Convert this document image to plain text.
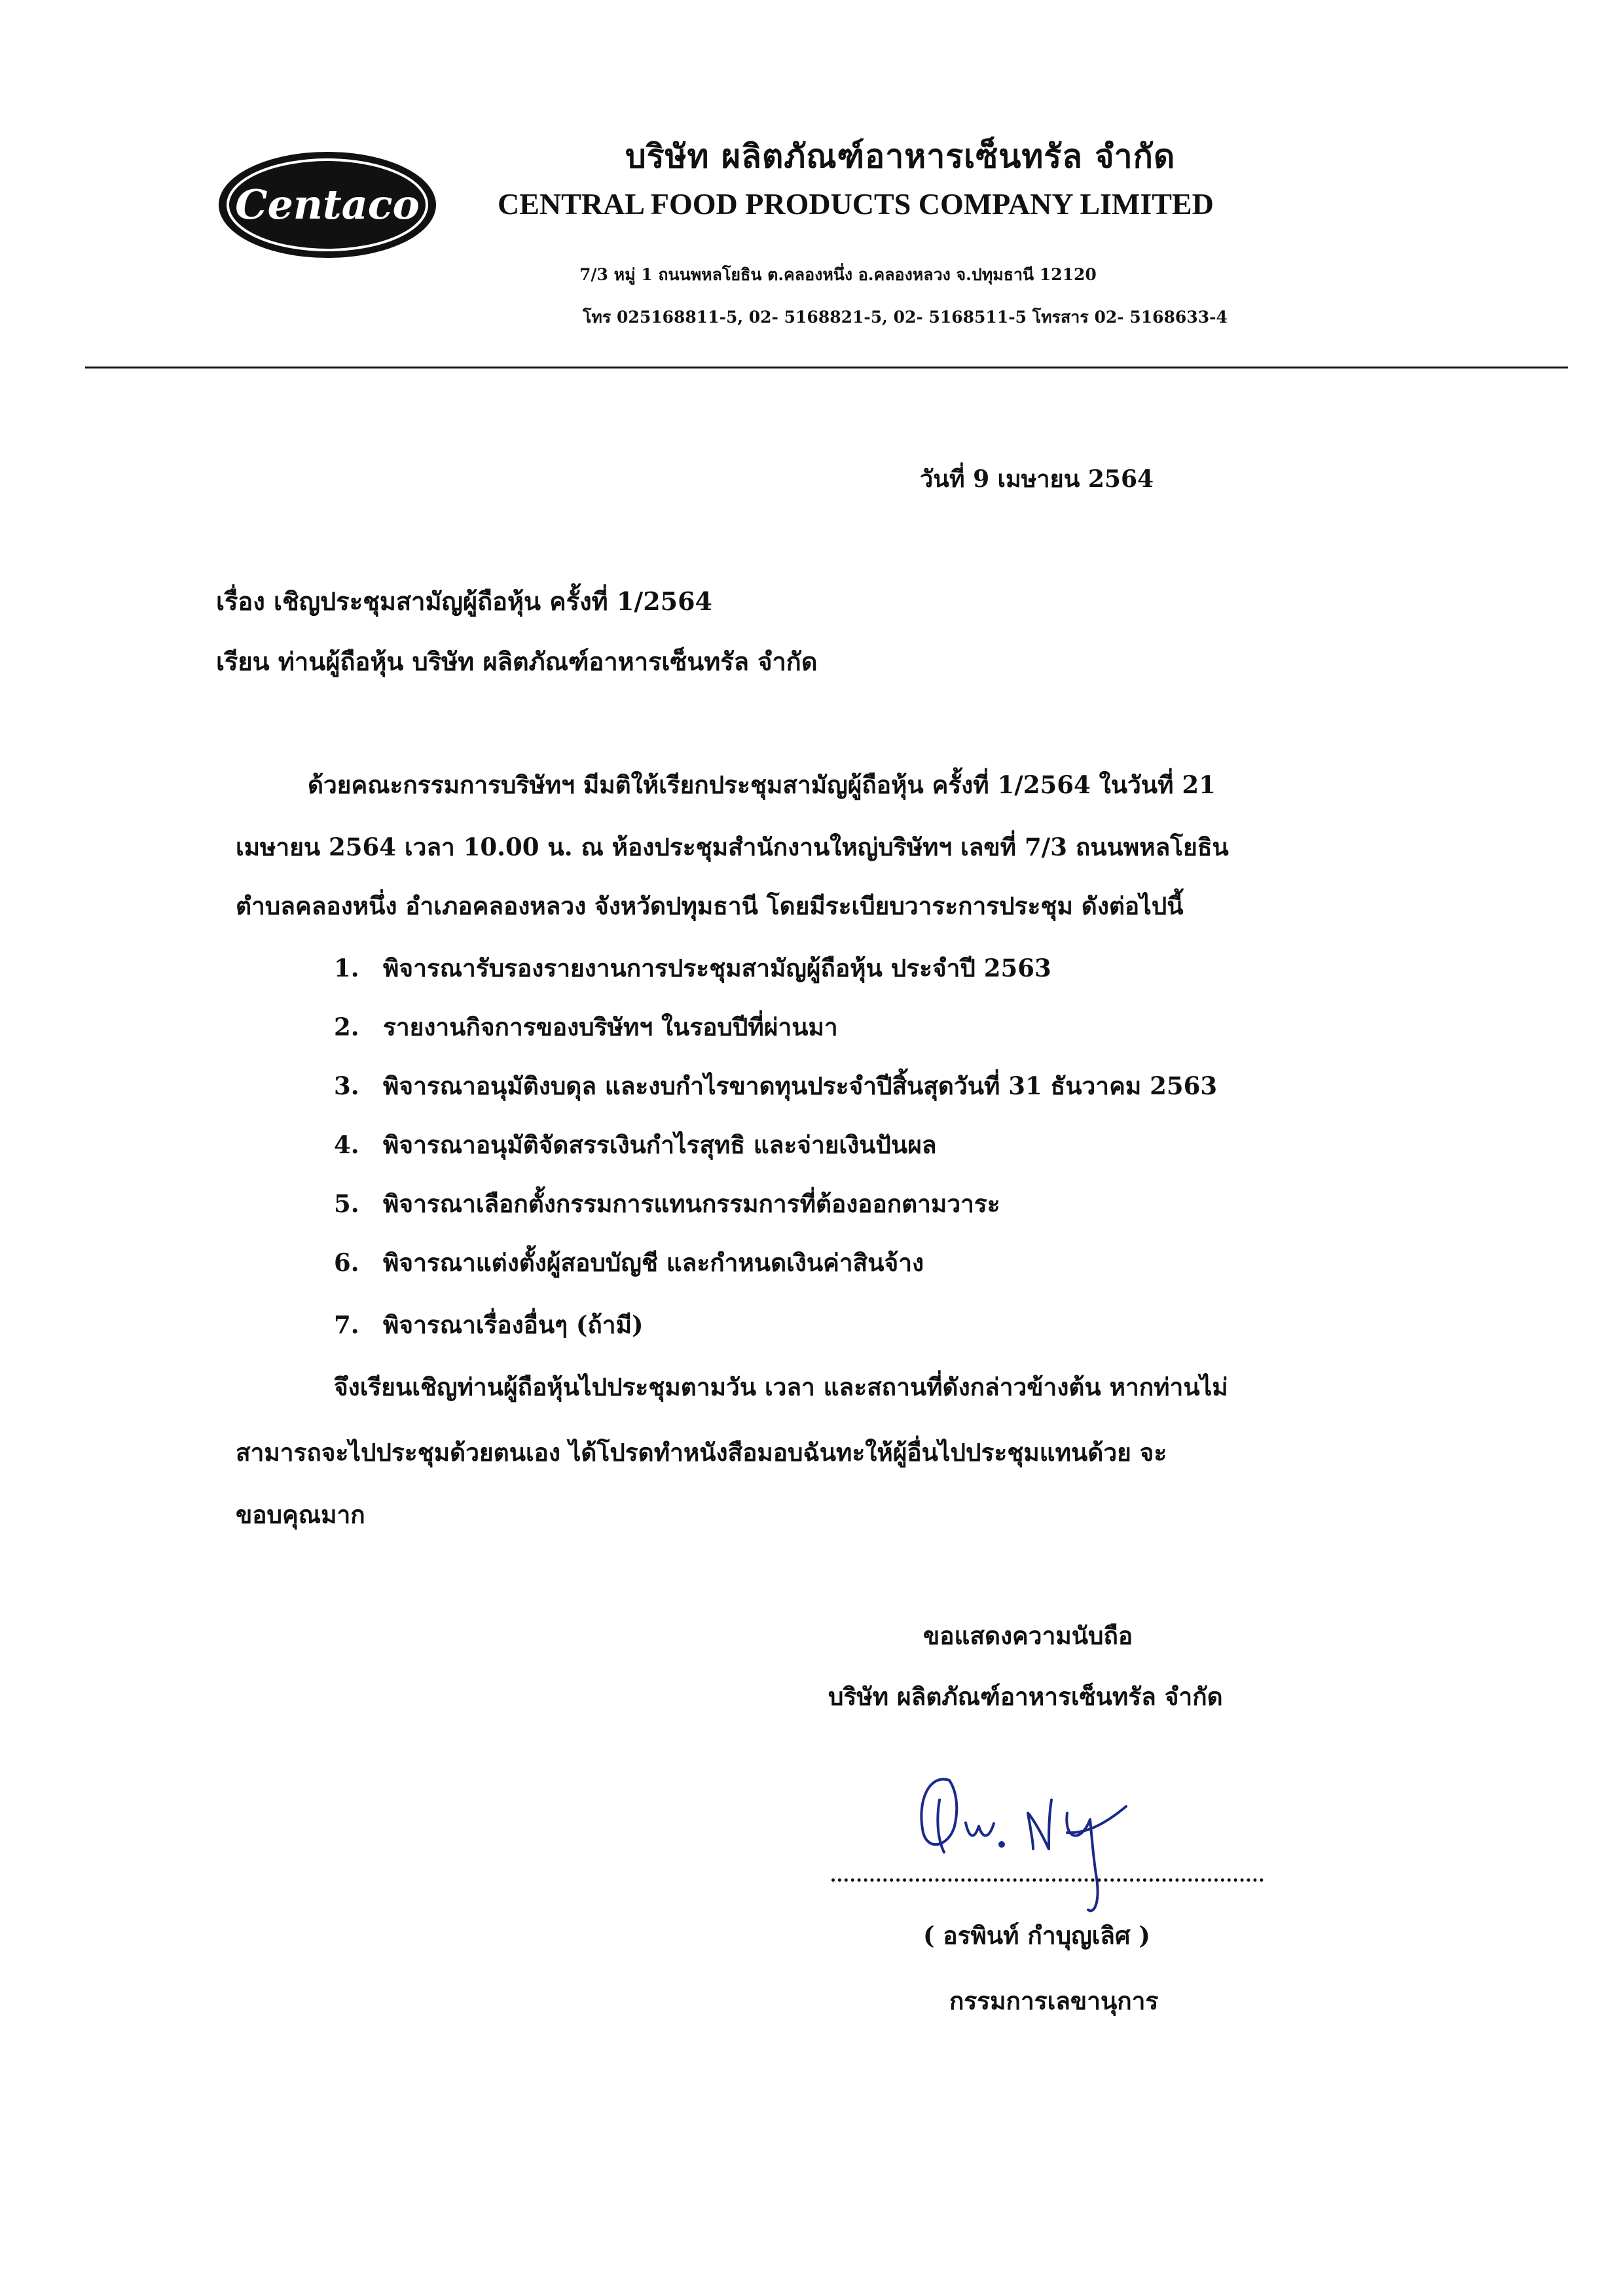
Centaco
บริษัท ผลิตภัณฑ์อาหารเซ็นทรัล จำกัด
CENTRAL FOOD PRODUCTS COMPANY LIMITED
7/3 หมู่ 1 ถนนพหลโยธิน ต.คลองหนึ่ง อ.คลองหลวง จ.ปทุมธานี 12120
โทร 025168811-5, 02- 5168821-5, 02- 5168511-5 โทรสาร 02- 5168633-4
วันที่ 9 เมษายน 2564
เรื่อง เชิญประชุมสามัญผู้ถือหุ้น ครั้งที่ 1/2564
เรียน ท่านผู้ถือหุ้น บริษัท ผลิตภัณฑ์อาหารเซ็นทรัล จำกัด
ด้วยคณะกรรมการบริษัทฯ มีมติให้เรียกประชุมสามัญผู้ถือหุ้น ครั้งที่ 1/2564 ในวันที่ 21
เมษายน 2564 เวลา 10.00 น. ณ ห้องประชุมสำนักงานใหญ่บริษัทฯ เลขที่ 7/3 ถนนพหลโยธิน
ตำบลคลองหนึ่ง อำเภอคลองหลวง จังหวัดปทุมธานี โดยมีระเบียบวาระการประชุม ดังต่อไปนี้
1. พิจารณารับรองรายงานการประชุมสามัญผู้ถือหุ้น ประจำปี 2563
2. รายงานกิจการของบริษัทฯ ในรอบปีที่ผ่านมา
3. พิจารณาอนุมัติงบดุล และงบกำไรขาดทุนประจำปีสิ้นสุดวันที่ 31 ธันวาคม 2563
4. พิจารณาอนุมัติจัดสรรเงินกำไรสุทธิ และจ่ายเงินปันผล
5. พิจารณาเลือกตั้งกรรมการแทนกรรมการที่ต้องออกตามวาระ
6. พิจารณาแต่งตั้งผู้สอบบัญชี และกำหนดเงินค่าสินจ้าง
7. พิจารณาเรื่องอื่นๆ (ถ้ามี)
จึงเรียนเชิญท่านผู้ถือหุ้นไปประชุมตามวัน เวลา และสถานที่ดังกล่าวข้างต้น หากท่านไม่
สามารถจะไปประชุมด้วยตนเอง ได้โปรดทำหนังสือมอบฉันทะให้ผู้อื่นไปประชุมแทนด้วย จะ
ขอบคุณมาก
ขอแสดงความนับถือ
บริษัท ผลิตภัณฑ์อาหารเซ็นทรัล จำกัด
( อรพินท์ กำบุญเลิศ )
กรรมการเลขานุการ
